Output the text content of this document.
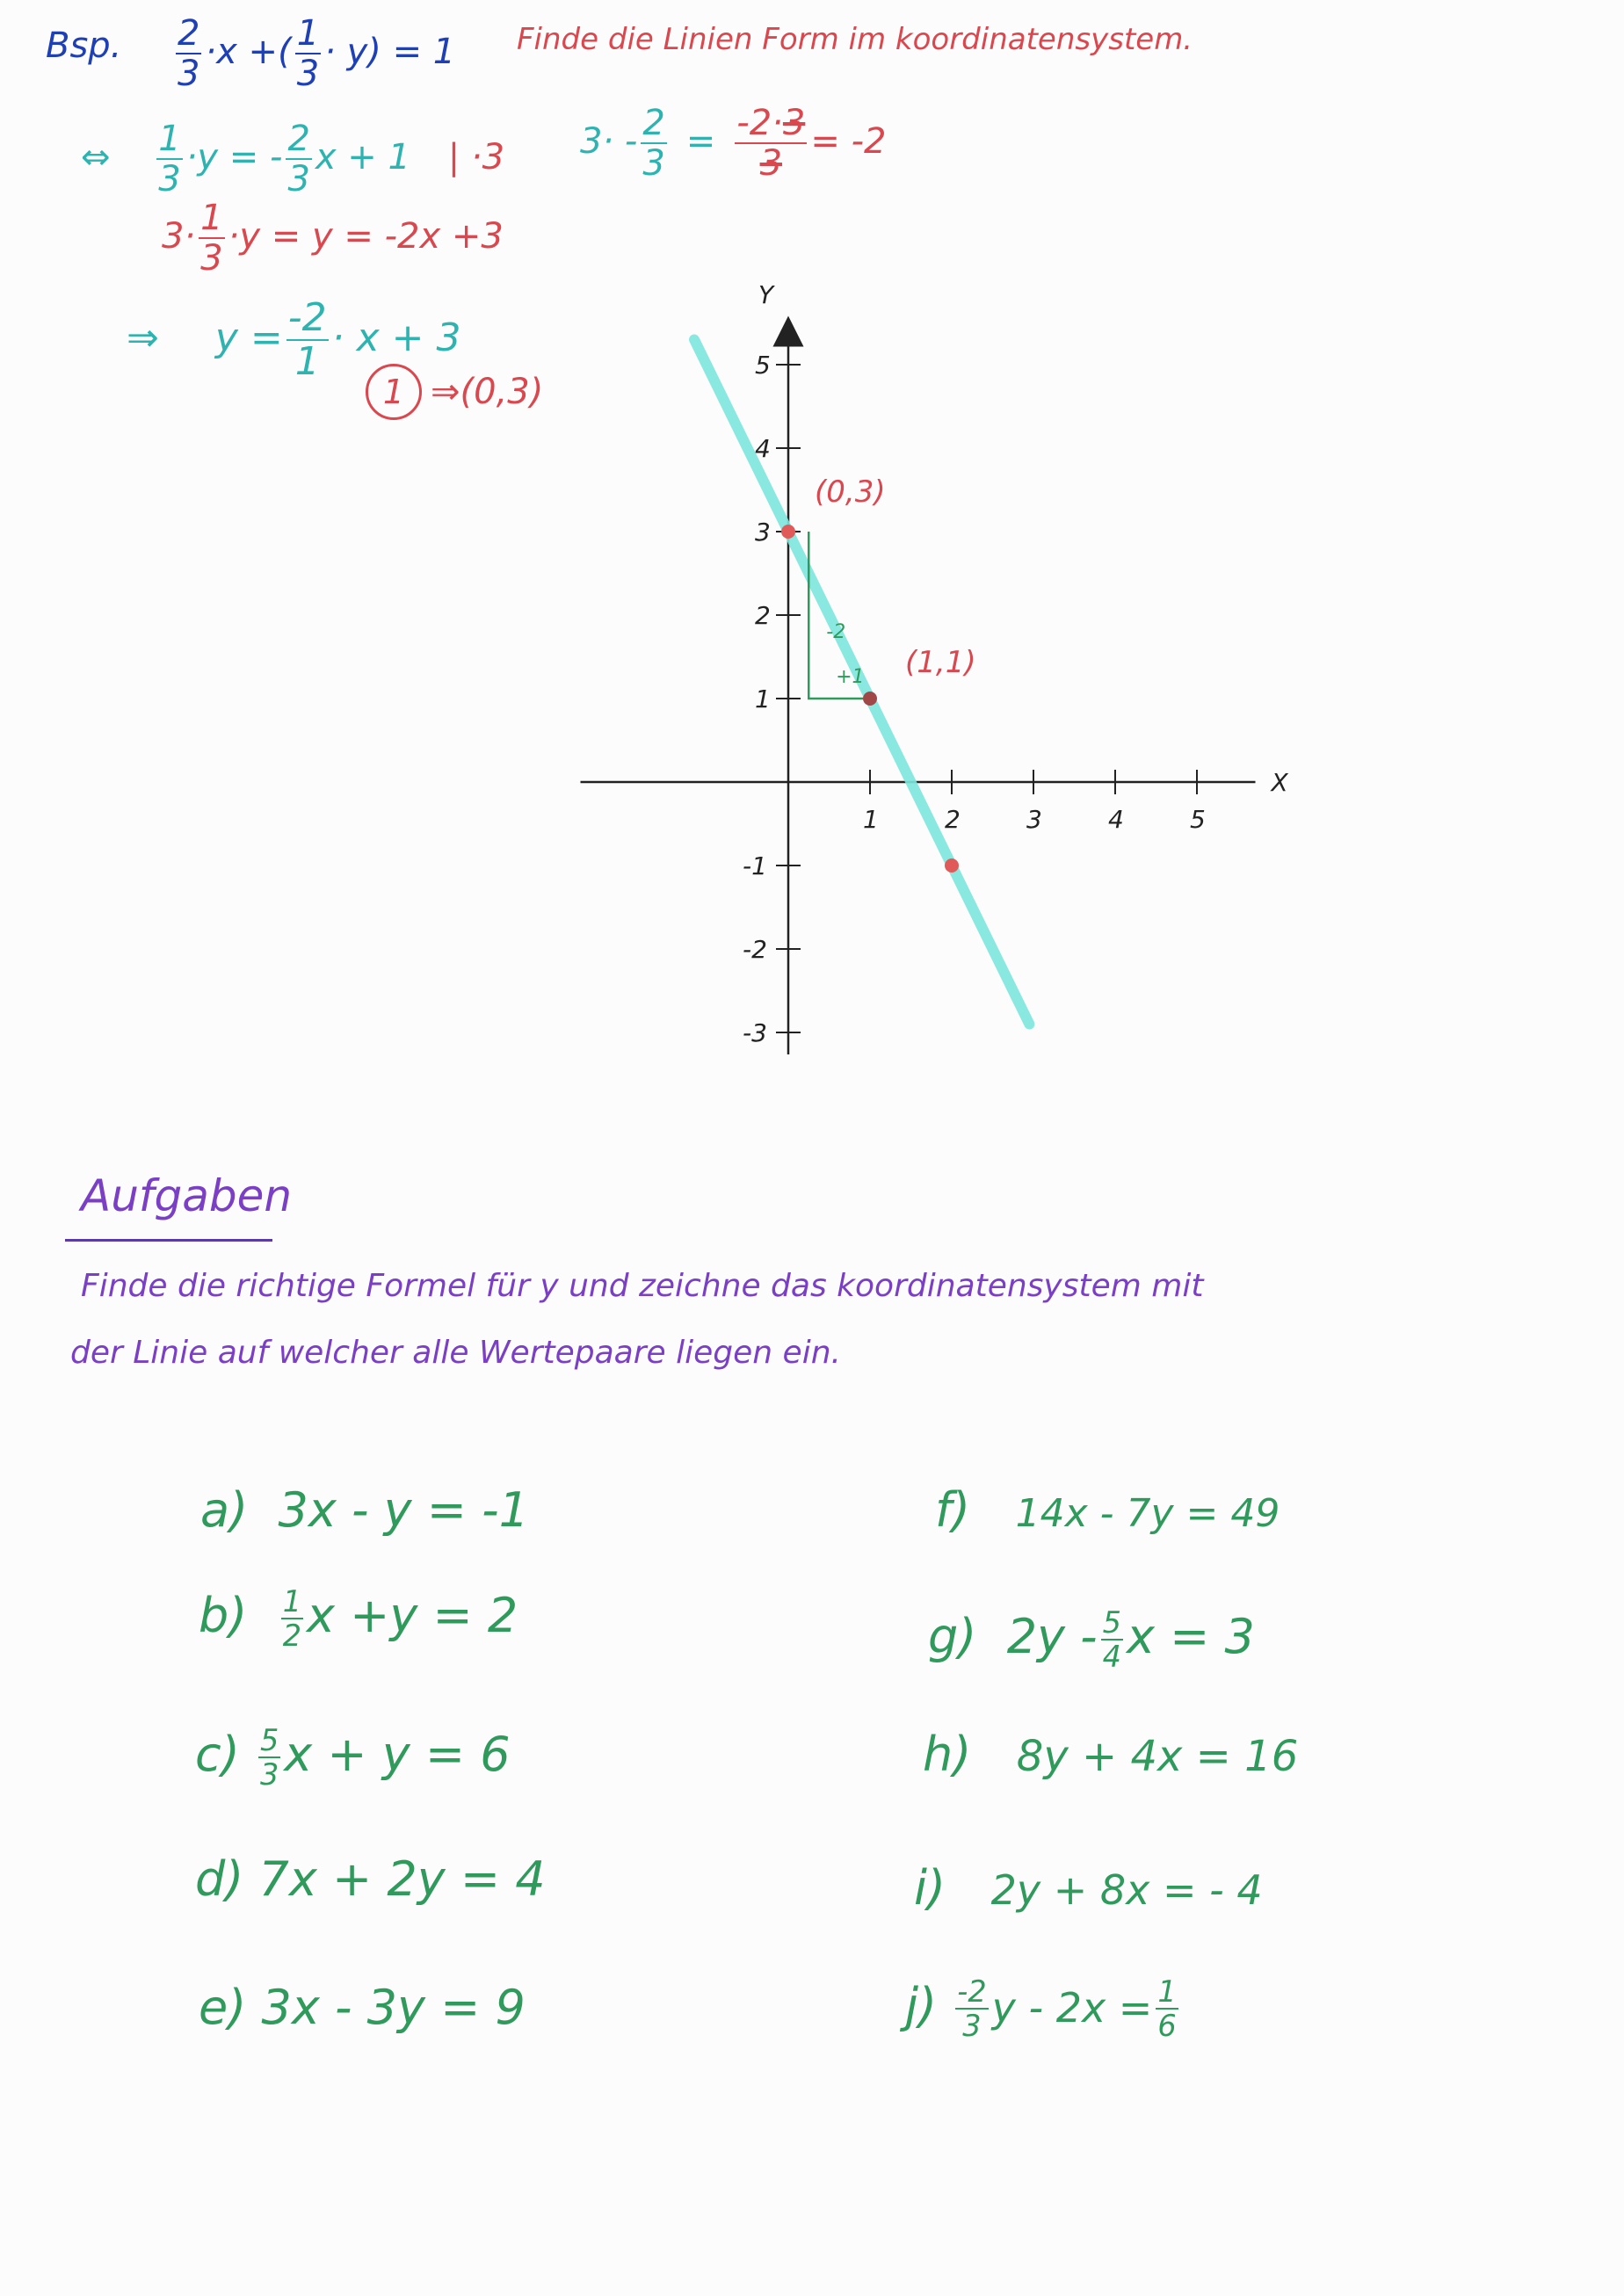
Bsp. $\frac{2}{3} \cdot x$ +( $\frac{1}{3} \cdot y) = 1$ Finde die Linien Form im koordinatensystem.
⇔ $\frac{1}{3} \cdot y$ = - $\frac{2}{3}$ x + 1 | ·3
$3\cdot \frac{1}{3} \cdot y = y = -2x +3$
⇒ $y = \frac{-2}{1} \cdot x + 3$
$3\cdot - \frac{2}{3} = \frac{-2\cdot 3}{3} = -2$
1 ⇒(0,3)
X
Y
1	2	3	4	5
5
4
3
2
1
-1
-2
-3
-2
+1
(0,3)
(1,1)
Aufgaben
Finde die richtige Formel für y und zeichne das koordinatensystem mit
der Linie auf welcher alle Wertepaare liegen ein.
a) 3x - y = -1
$b) \frac{1}{2}$ x +y = 2
$c) \frac{5}{3}$ x + y = 6
d) 7x + 2y = 4
e) 3x - 3y = 9
f) 14x - 7y = 49
g) $2y - \frac{5}{4}$ x = 3
h) 8y + 4x = 16
i) 2y + 8x = - 4
$j) \frac{-2}{3}$ $y - 2x = \frac{1}{6}$
